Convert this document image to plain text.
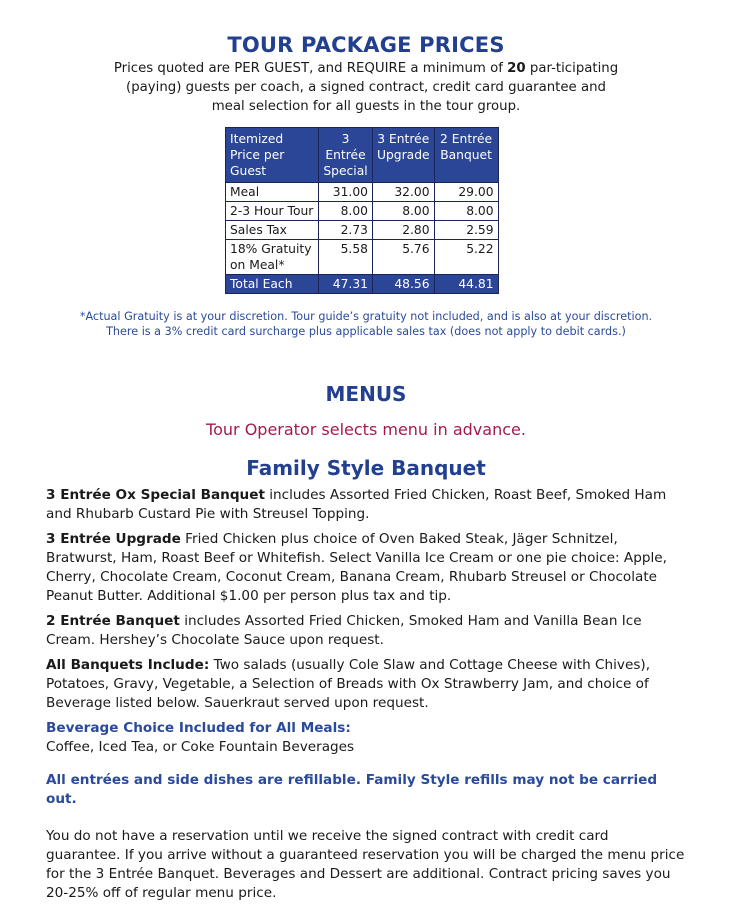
TOUR PACKAGE PRICES
Prices quoted are PER GUEST, and REQUIRE a minimum of 20 par-ticipating (paying) guests per coach, a signed contract, credit card guarantee and meal selection for all guests in the tour group.
Itemized Price per Guest	3 Entrée Special	3 Entrée Upgrade	2 Entrée Banquet
Meal	31.00	32.00	29.00
2-3 Hour Tour	8.00	8.00	8.00
Sales Tax	2.73	2.80	2.59
18% Gratuity on Meal*	5.58	5.76	5.22
Total Each	47.31	48.56	44.81
*Actual Gratuity is at your discretion. Tour guide’s gratuity not included, and is also at your discretion.
There is a 3% credit card surcharge plus applicable sales tax (does not apply to debit cards.)
MENUS
Tour Operator selects menu in advance.
Family Style Banquet

3 Entrée Ox Special Banquet includes Assorted Fried Chicken, Roast Beef, Smoked Ham and Rhubarb Custard Pie with Streusel Topping.

3 Entrée Upgrade Fried Chicken plus choice of Oven Baked Steak, Jäger Schnitzel, Bratwurst, Ham, Roast Beef or Whitefish. Select Vanilla Ice Cream or one pie choice: Apple, Cherry, Chocolate Cream, Coconut Cream, Banana Cream, Rhubarb Streusel or Chocolate Peanut Butter. Additional $1.00 per person plus tax and tip.

2 Entrée Banquet includes Assorted Fried Chicken, Smoked Ham and Vanilla Bean Ice Cream. Hershey’s Chocolate Sauce upon request.

All Banquets Include: Two salads (usually Cole Slaw and Cottage Cheese with Chives), Potatoes, Gravy, Vegetable, a Selection of Breads with Ox Strawberry Jam, and choice of Beverage listed below. Sauerkraut served upon request.

Beverage Choice Included for All Meals:
Coffee, Iced Tea, or Coke Fountain Beverages

All entrées and side dishes are refillable. Family Style refills may not be carried out.

You do not have a reservation until we receive the signed contract with credit card guarantee. If you arrive without a guaranteed reservation you will be charged the menu price for the 3 Entrée Banquet. Beverages and Dessert are additional. Contract pricing saves you 20-25% off of regular menu price.
